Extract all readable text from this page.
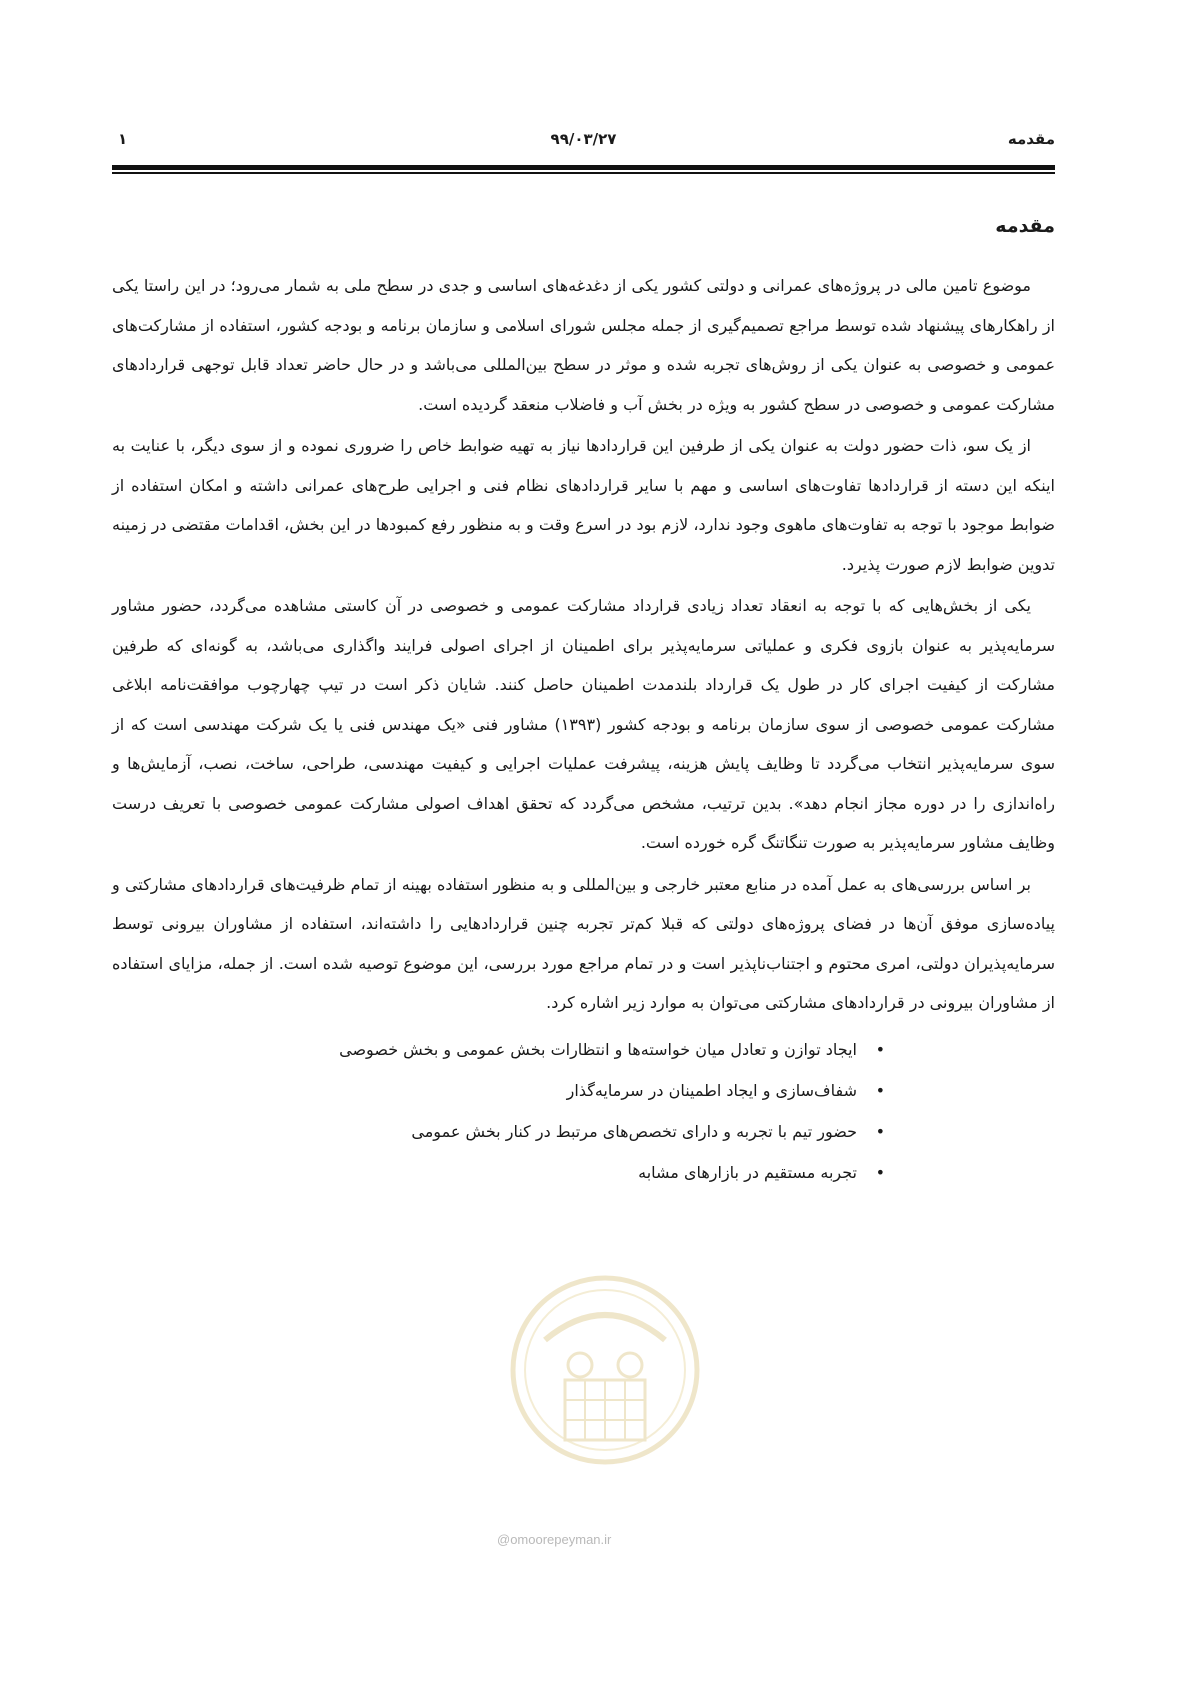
مقدمه
۹۹/۰۳/۲۷
۱
@omoorepeyman.ir
مقدمه

موضوع تامین مالی در پروژه‌های عمرانی و دولتی کشور یکی از دغدغه‌های اساسی و جدی در سطح ملی به شمار می‌رود؛ در این راستا یکی از راهکارهای پیشنهاد شده توسط مراجع تصمیم‌گیری از جمله مجلس شورای اسلامی و سازمان برنامه و بودجه کشور، استفاده از مشارکت‌های عمومی و خصوصی به عنوان یکی از روش‌های تجربه شده و موثر در سطح بین‌المللی می‌باشد و در حال حاضر تعداد قابل توجهی قراردادهای مشارکت عمومی و خصوصی در سطح کشور به ویژه در بخش آب و فاضلاب منعقد گردیده است.

از یک سو، ذات حضور دولت به عنوان یکی از طرفین این قراردادها نیاز به تهیه ضوابط خاص را ضروری نموده و از سوی دیگر، با عنایت به اینکه این دسته از قراردادها تفاوت‌های اساسی و مهم با سایر قراردادهای نظام فنی و اجرایی طرح‌های عمرانی داشته و امکان استفاده از ضوابط موجود با توجه به تفاوت‌های ماهوی وجود ندارد، لازم بود در اسرع وقت و به منظور رفع کمبودها در این بخش، اقدامات مقتضی در زمینه تدوین ضوابط لازم صورت پذیرد.

یکی از بخش‌هایی که با توجه به انعقاد تعداد زیادی قرارداد مشارکت عمومی و خصوصی در آن کاستی مشاهده می‌گردد، حضور مشاور سرمایه‌پذیر به عنوان بازوی فکری و عملیاتی سرمایه‌پذیر برای اطمینان از اجرای اصولی فرایند واگذاری می‌باشد، به گونه‌ای که طرفین مشارکت از کیفیت اجرای کار در طول یک قرارداد بلندمدت اطمینان حاصل کنند. شایان ذکر است در تیپ چهارچوب موافقت‌نامه ابلاغی مشارکت عمومی خصوصی از سوی سازمان برنامه و بودجه کشور (۱۳۹۳) مشاور فنی «یک مهندس فنی یا یک شرکت مهندسی است که از سوی سرمایه‌پذیر انتخاب می‌گردد تا وظایف پایش هزینه، پیشرفت عملیات اجرایی و کیفیت مهندسی، طراحی، ساخت، نصب، آزمایش‌ها و راه‌اندازی را در دوره مجاز انجام دهد». بدین ترتیب، مشخص می‌گردد که تحقق اهداف اصولی مشارکت عمومی خصوصی با تعریف درست وظایف مشاور سرمایه‌پذیر به صورت تنگاتنگ گره خورده است.

بر اساس بررسی‌های به عمل آمده در منابع معتبر خارجی و بین‌المللی و به منظور استفاده بهینه از تمام ظرفیت‌های قراردادهای مشارکتی و پیاده‌سازی موفق آن‌ها در فضای پروژه‌های دولتی که قبلا کم‌تر تجربه چنین قراردادهایی را داشته‌اند، استفاده از مشاوران بیرونی توسط سرمایه‌پذیران دولتی، امری محتوم و اجتناب‌ناپذیر است و در تمام مراجع مورد بررسی، این موضوع توصیه شده است. از جمله، مزایای استفاده از مشاوران بیرونی در قراردادهای مشارکتی می‌توان به موارد زیر اشاره کرد.

•
ایجاد توازن و تعادل میان خواسته‌ها و انتظارات بخش عمومی و بخش خصوصی
•
شفاف‌سازی و ایجاد اطمینان در سرمایه‌گذار
•
حضور تیم با تجربه و دارای تخصص‌های مرتبط در کنار بخش عمومی
•
تجربه مستقیم در بازارهای مشابه
